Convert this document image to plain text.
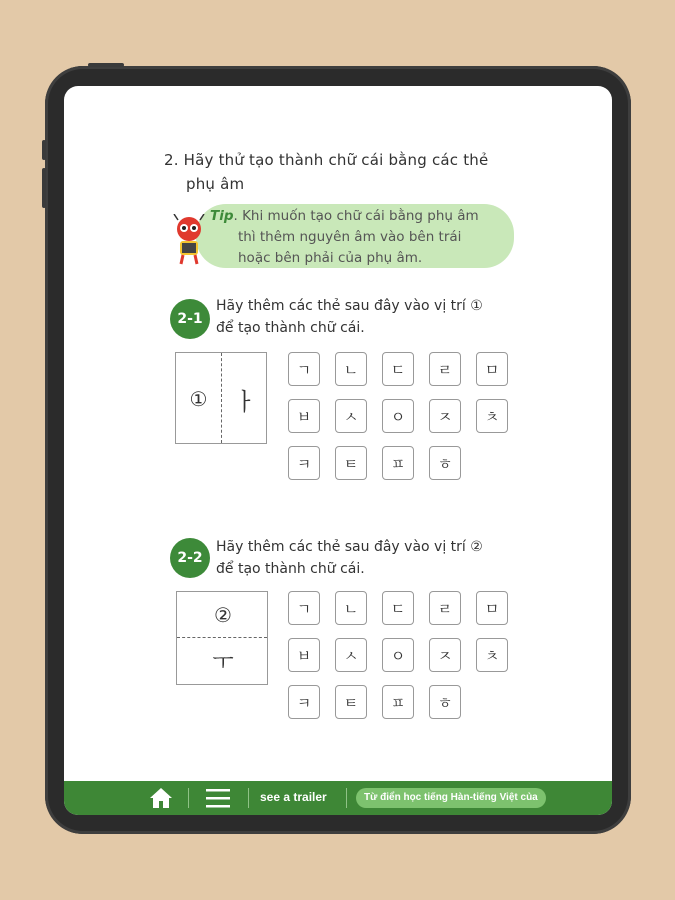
2. Hãy thử tạo thành chữ cái bằng các thẻ
phụ âm
Tip. Khi muốn tạo chữ cái bằng phụ âm
thì thêm nguyên âm vào bên trái
hoặc bên phải của phụ âm.
2-1
Hãy thêm các thẻ sau đây vào vị trí ①
để tạo thành chữ cái.
①	ㅏ
ㄱ	ㄴ	ㄷ	ㄹ	ㅁ
ㅂ	ㅅ	ㅇ	ㅈ	ㅊ
ㅋ	ㅌ	ㅍ	ㅎ
2-2
Hãy thêm các thẻ sau đây vào vị trí ②
để tạo thành chữ cái.
②
ㅜ
ㄱ	ㄴ	ㄷ	ㄹ	ㅁ
ㅂ	ㅅ	ㅇ	ㅈ	ㅊ
ㅋ	ㅌ	ㅍ	ㅎ
see a trailer	Từ điển học tiếng Hàn-tiếng Việt của
